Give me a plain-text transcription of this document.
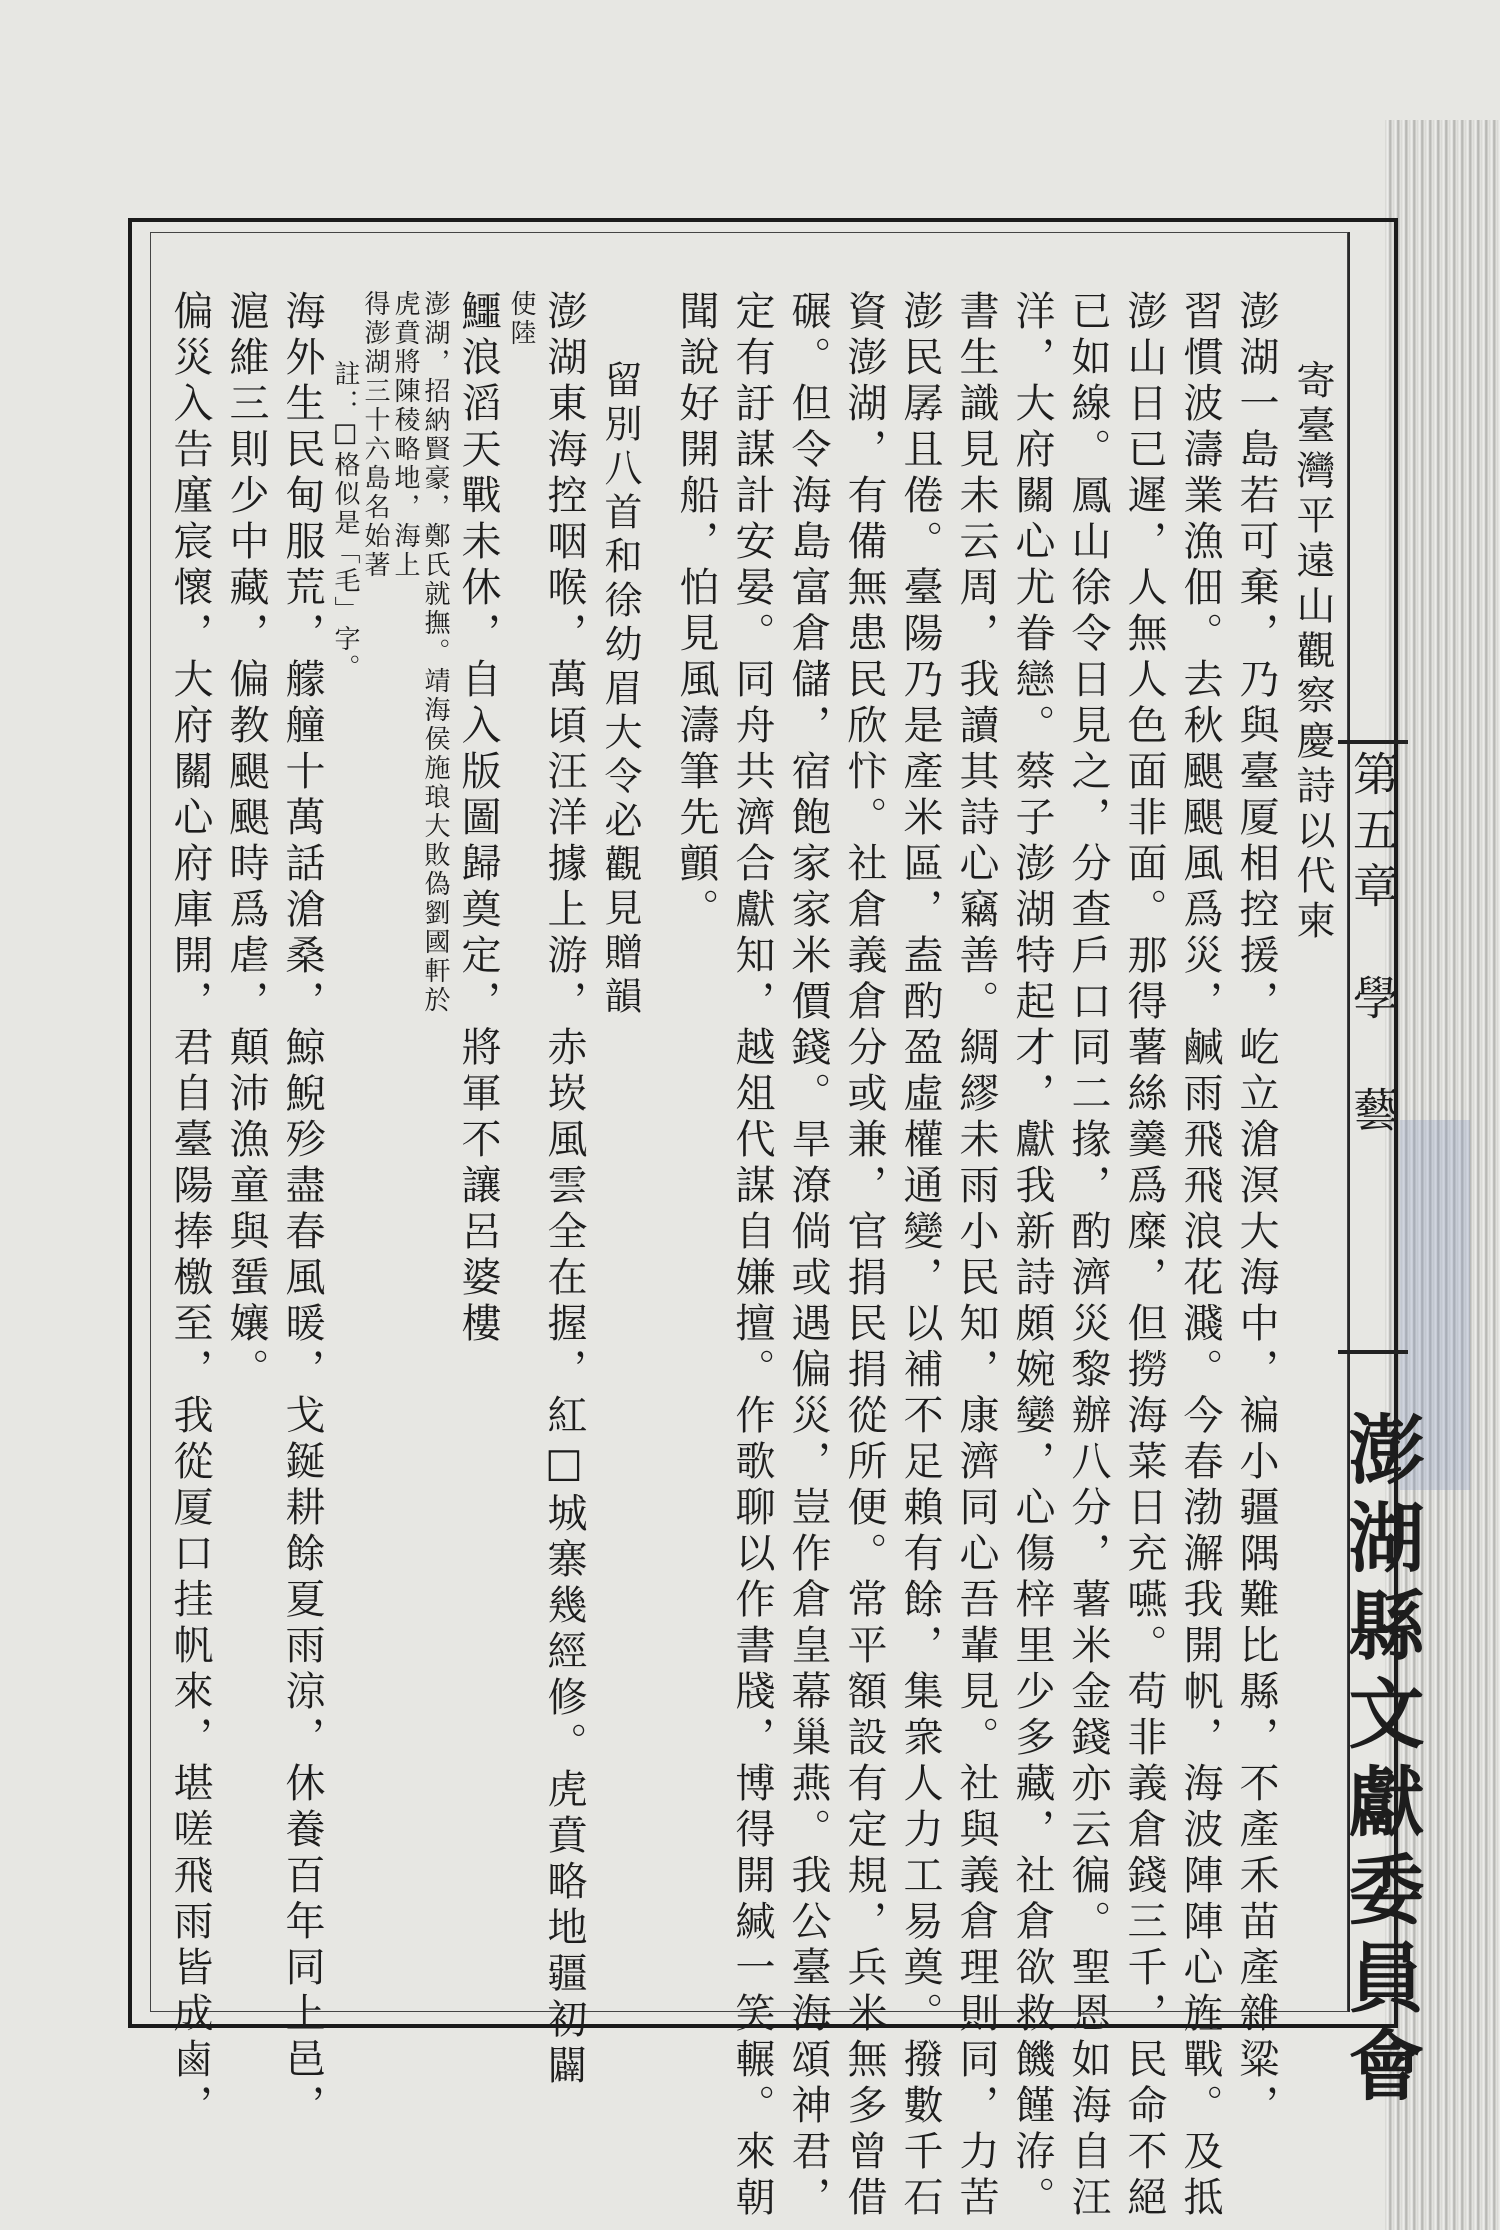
第五章　學　藝
澎湖縣文獻委員會
寄臺灣平遠山觀察慶詩以代柬
澎湖一島若可棄，乃與臺厦相控援，屹立滄溟大海中，褊小疆隅難比縣，不產禾苗產雜粱，
習慣波濤業漁佃。去秋颶颶風爲災，鹹雨飛飛浪花濺。今春渤澥我開帆，海波陣陣心旌戰。及抵
澎山日已遲，人無人色面非面。那得薯絲羹爲糜，但撈海菜日充嚥。苟非義倉錢三千，民命不絕
已如線。鳳山徐令日見之，分查戶口同二掾，酌濟災黎辦八分，薯米金錢亦云徧。聖恩如海自汪
洋，大府關心尤眷戀。蔡子澎湖特起才，獻我新詩頗婉孌，心傷梓里少多藏，社倉欲救饑饉洊。
書生識見未云周，我讀其詩心竊善。綢繆未雨小民知，康濟同心吾輩見。社與義倉理則同，力苦
澎民孱且倦。臺陽乃是產米區，盍酌盈虛權通變，以補不足賴有餘，集衆人力工易奠。撥數千石
資澎湖，有備無患民欣忭。社倉義倉分或兼，官捐民捐從所便。常平額設有定規，兵米無多曾借
碾。但令海島富倉儲，宿飽家家米價錢。旱潦倘或遇偏災，豈作倉皇幕巢燕。我公臺海頌神君，
定有訏謀計安晏。同舟共濟合獻知，越俎代謀自嫌擅。作歌聊以作書牋，博得開緘一笑輾。來朝
聞說好開船，怕見風濤筆先顫。
留別八首和徐幼眉大令必觀見贈韻
澎湖東海控咽喉，萬頃汪洋據上游，赤崁風雲全在握，紅□城寨幾經修。虎賁略地疆初闢
使陸
鱷浪滔天戰未休，自入版圖歸奠定，將軍不讓呂婆樓
澎湖，招納賢豪，鄭氏就撫。靖海侯施琅大敗偽劉國軒於
虎賁將陳稜略地，海上
得澎湖三十六島名始著
註：□格似是「毛」字。
海外生民甸服荒，艨艟十萬話滄桑，鯨鯢殄盡春風暖，戈鋋耕餘夏雨涼，休養百年同上邑，
滬維三則少中藏，偏教颶颶時爲虐，顛沛漁童與蜑孃。
偏災入告廑宸懷，大府關心府庫開，君自臺陽捧檄至，我從厦口挂帆來，堪嗟飛雨皆成鹵，
